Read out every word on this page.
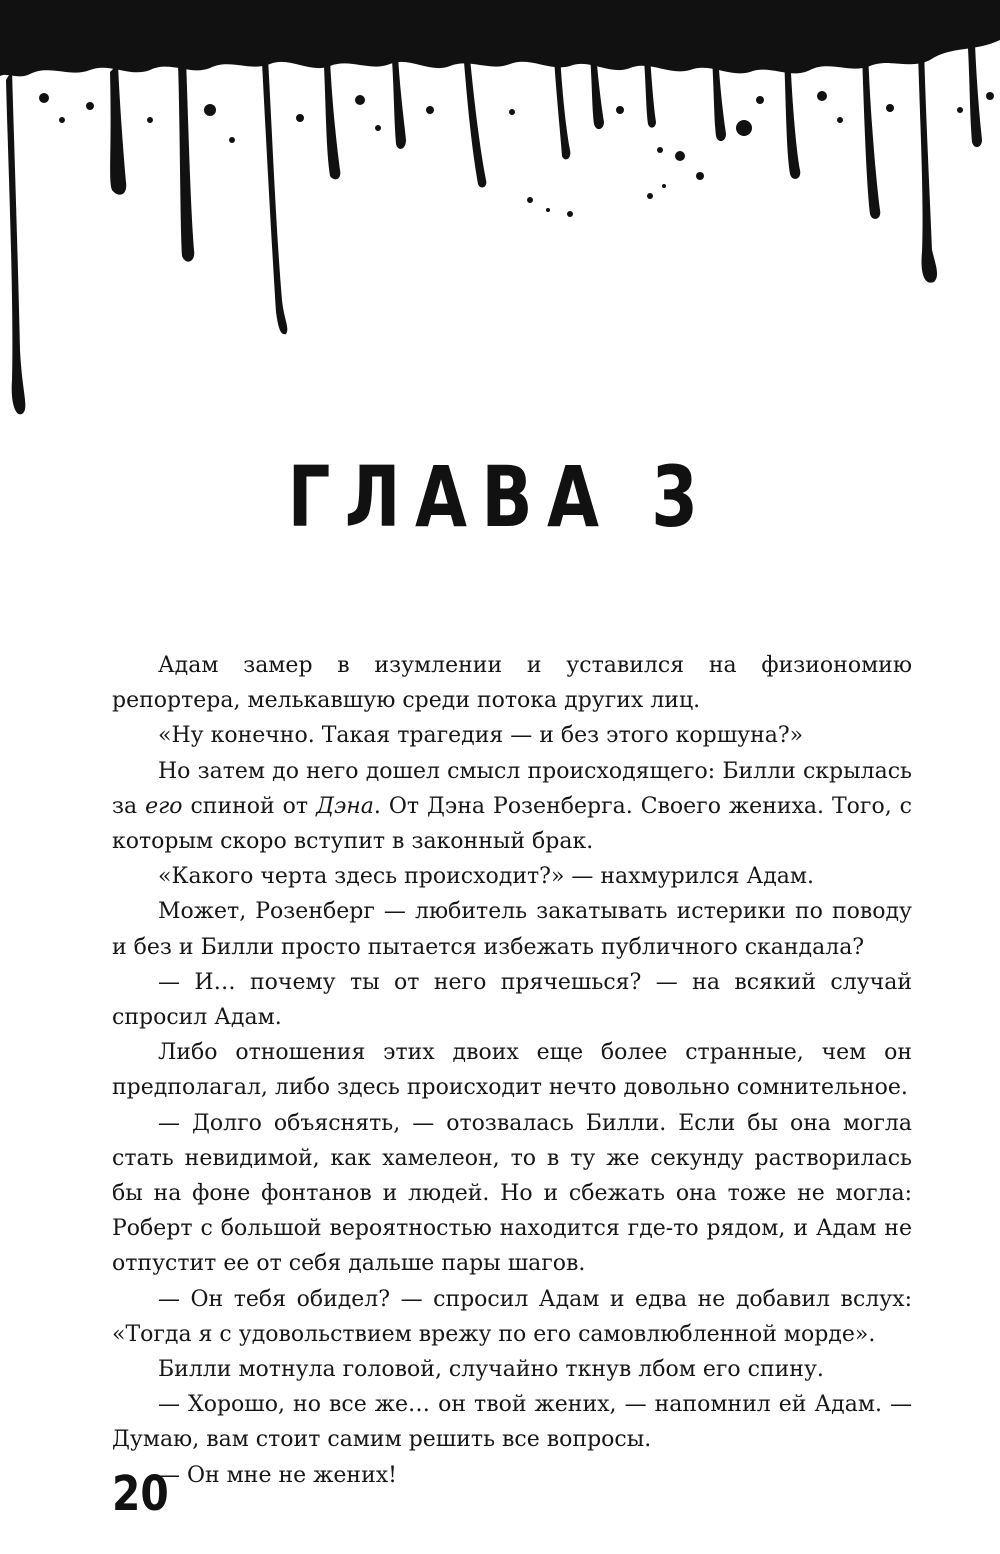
ГЛАВА 3

Адам замер в изумлении и уставился на физиономию репортера, мелькавшую среди потока других лиц.

«Ну конечно. Такая трагедия — и без этого коршуна?»

Но затем до него дошел смысл происходящего: Билли скрылась за его спиной от Дэна. От Дэна Розенберга. Своего жениха. Того, с которым скоро вступит в законный брак.

«Какого черта здесь происходит?» — нахмурился Адам.

Может, Розенберг — любитель закатывать истерики по поводу и без и Билли просто пытается избежать публичного скандала?

— И… почему ты от него прячешься? — на всякий случай спросил Адам.

Либо отношения этих двоих еще более странные, чем он предполагал, либо здесь происходит нечто довольно сомнительное.

— Долго объяснять, — отозвалась Билли. Если бы она могла стать невидимой, как хамелеон, то в ту же секунду растворилась бы на фоне фонтанов и людей. Но и сбежать она тоже не могла: Роберт с большой вероятностью находится где-то рядом, и Адам не отпустит ее от себя дальше пары шагов.

— Он тебя обидел? — спросил Адам и едва не добавил вслух: «Тогда я с удовольствием врежу по его самовлюбленной морде».

Билли мотнула головой, случайно ткнув лбом его спину.

— Хорошо, но все же… он твой жених, — напомнил ей Адам. — Думаю, вам стоит самим решить все вопросы.

— Он мне не жених!

20
